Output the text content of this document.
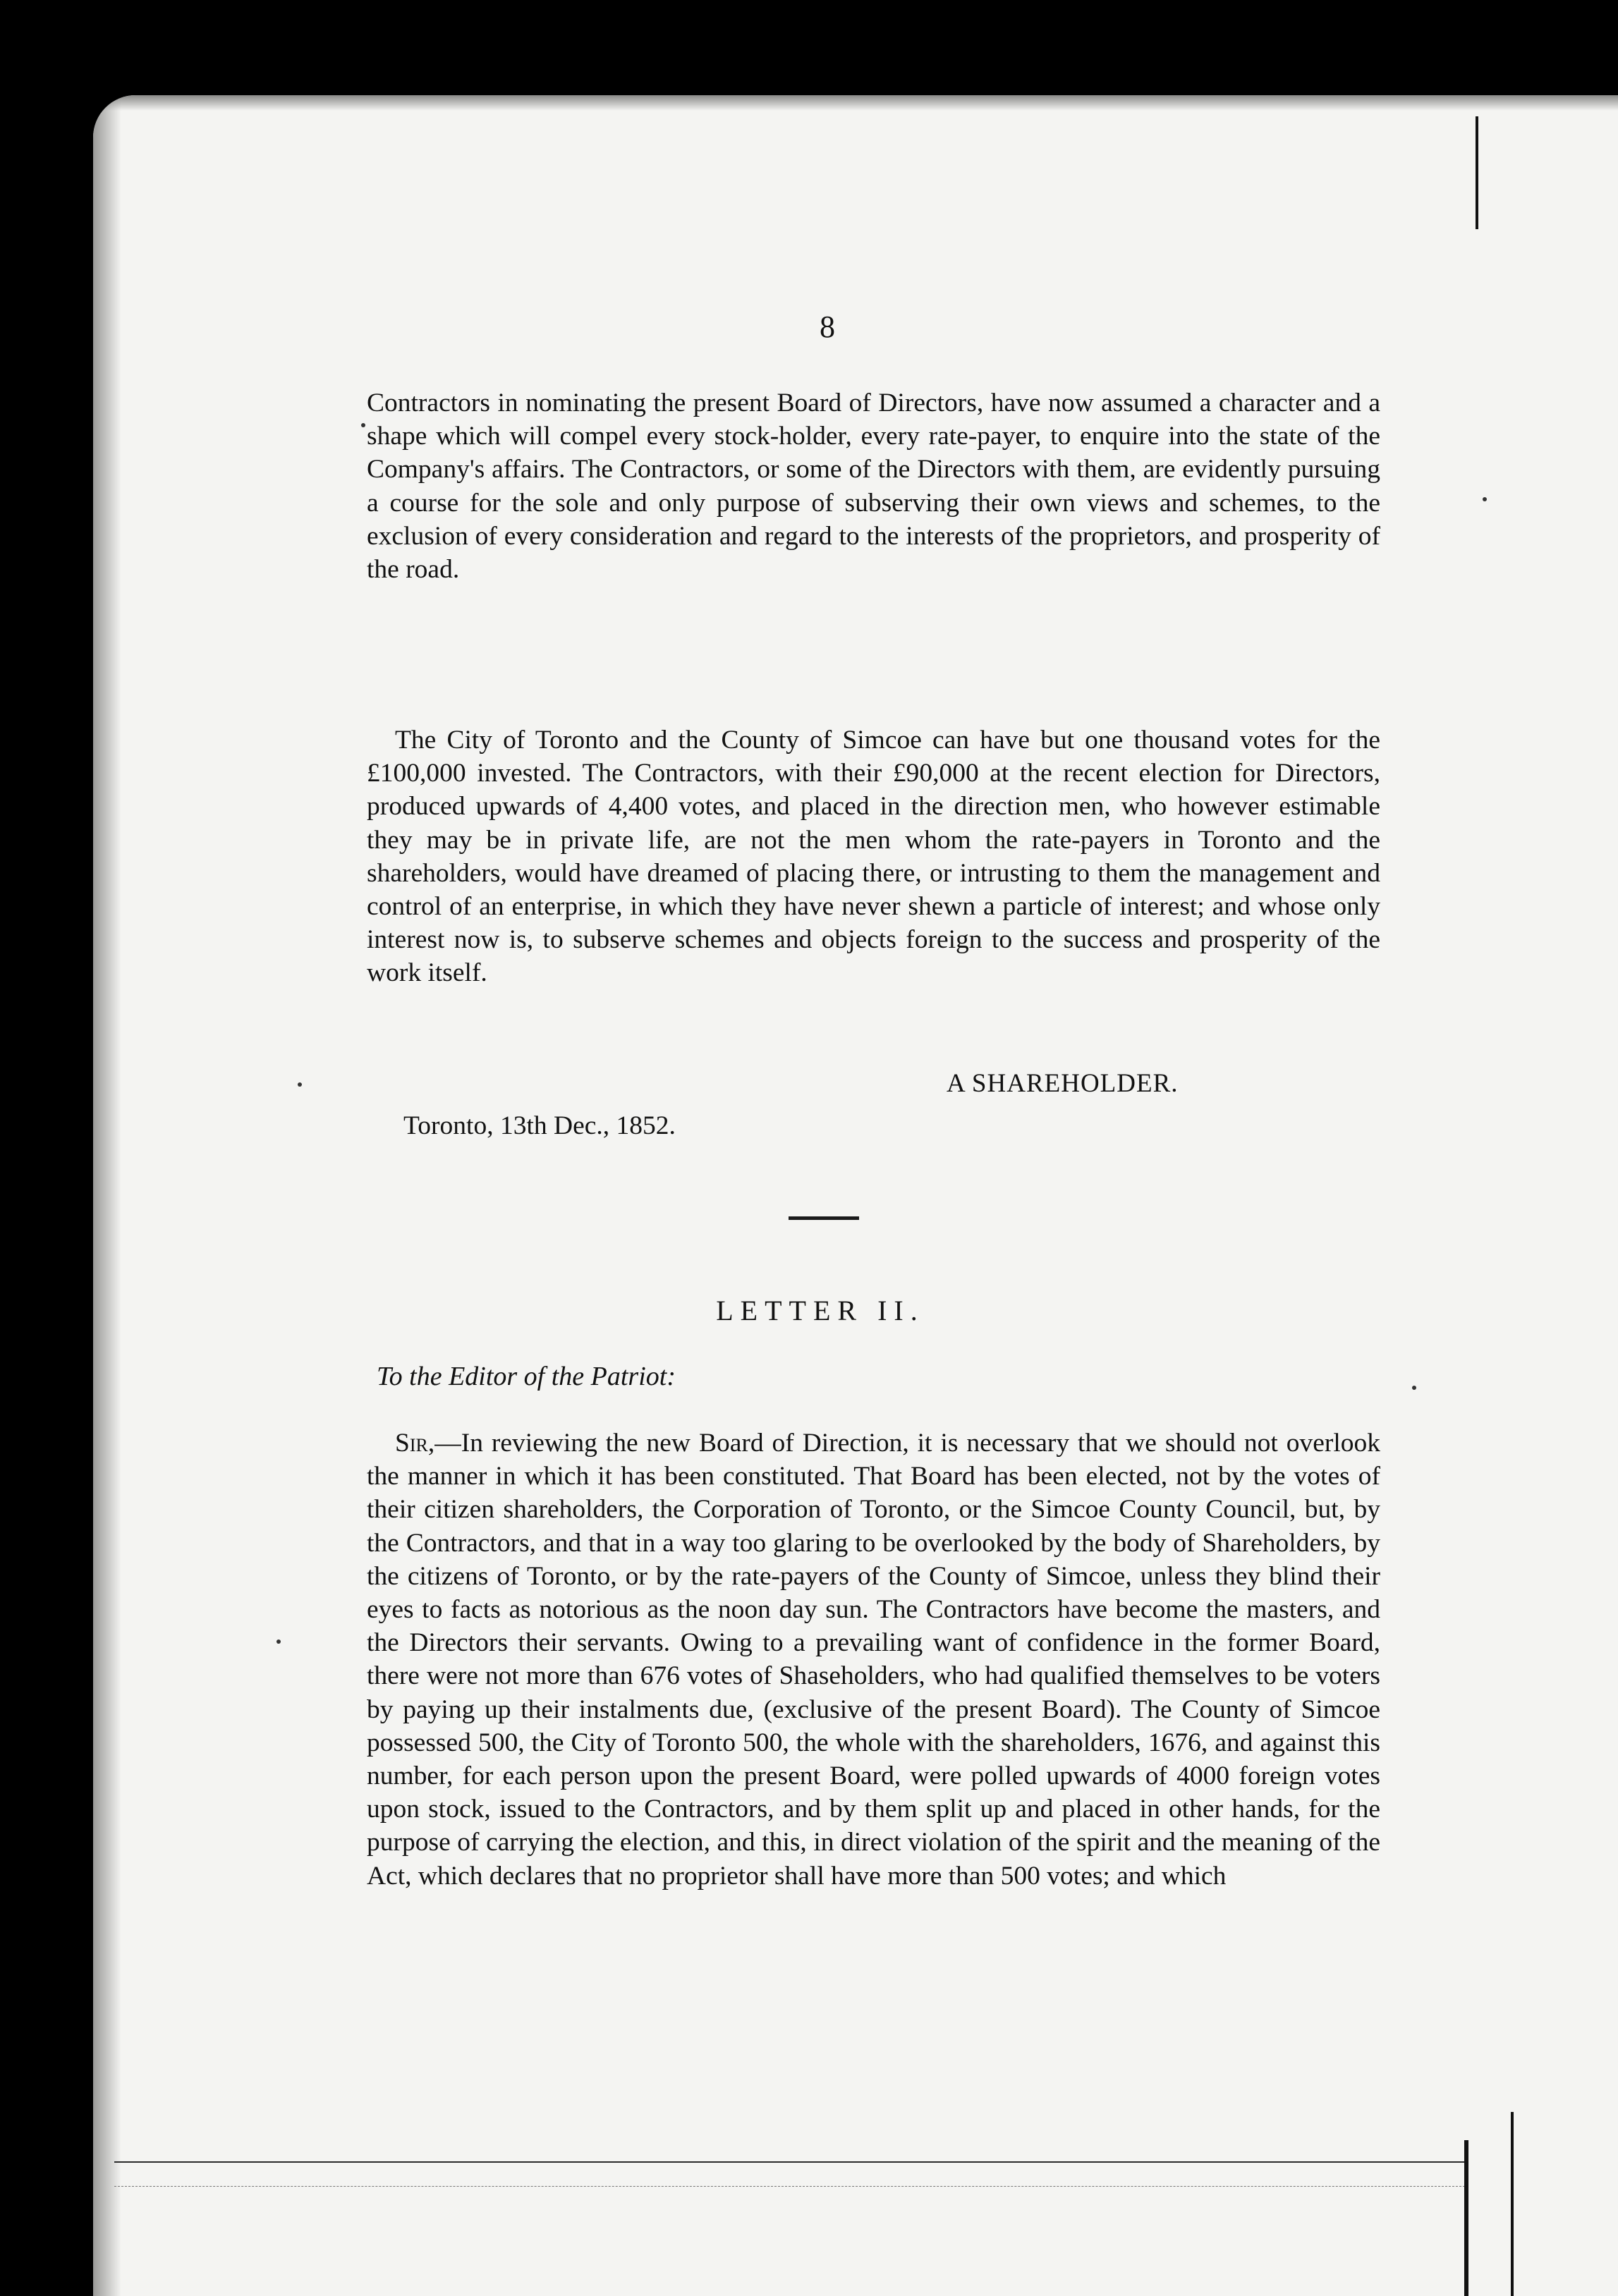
8

Contractors in nominating the present Board of Directors, have now assumed a character and a shape which will compel every stock-holder, every rate-payer, to enquire into the state of the Company's affairs. The Contractors, or some of the Directors with them, are evidently pursuing a course for the sole and only purpose of subserving their own views and schemes, to the exclusion of every consideration and regard to the interests of the proprietors, and prosperity of the road.

The City of Toronto and the County of Simcoe can have but one thousand votes for the £100,000 invested. The Contractors, with their £90,000 at the recent election for Directors, produced upwards of 4,400 votes, and placed in the direction men, who however estimable they may be in private life, are not the men whom the rate-payers in Toronto and the shareholders, would have dreamed of placing there, or intrusting to them the management and control of an enterprise, in which they have never shewn a particle of interest; and whose only interest now is, to subserve schemes and objects foreign to the success and prosperity of the work itself.

A SHAREHOLDER.
Toronto, 13th Dec., 1852.
LETTER II.
To the Editor of the Patriot:

Sir,—In reviewing the new Board of Direction, it is necessary that we should not overlook the manner in which it has been constituted. That Board has been elected, not by the votes of their citizen shareholders, the Corporation of Toronto, or the Simcoe County Council, but, by the Contractors, and that in a way too glaring to be overlooked by the body of Shareholders, by the citizens of Toronto, or by the rate-payers of the County of Simcoe, unless they blind their eyes to facts as notorious as the noon day sun. The Contractors have become the masters, and the Directors their servants. Owing to a prevailing want of confidence in the former Board, there were not more than 676 votes of Shaseholders, who had qualified themselves to be voters by paying up their instalments due, (exclusive of the present Board). The County of Simcoe possessed 500, the City of Toronto 500, the whole with the shareholders, 1676, and against this number, for each person upon the present Board, were polled upwards of 4000 foreign votes upon stock, issued to the Contractors, and by them split up and placed in other hands, for the purpose of carrying the election, and this, in direct violation of the spirit and the meaning of the Act, which declares that no proprietor shall have more than 500 votes; and which
